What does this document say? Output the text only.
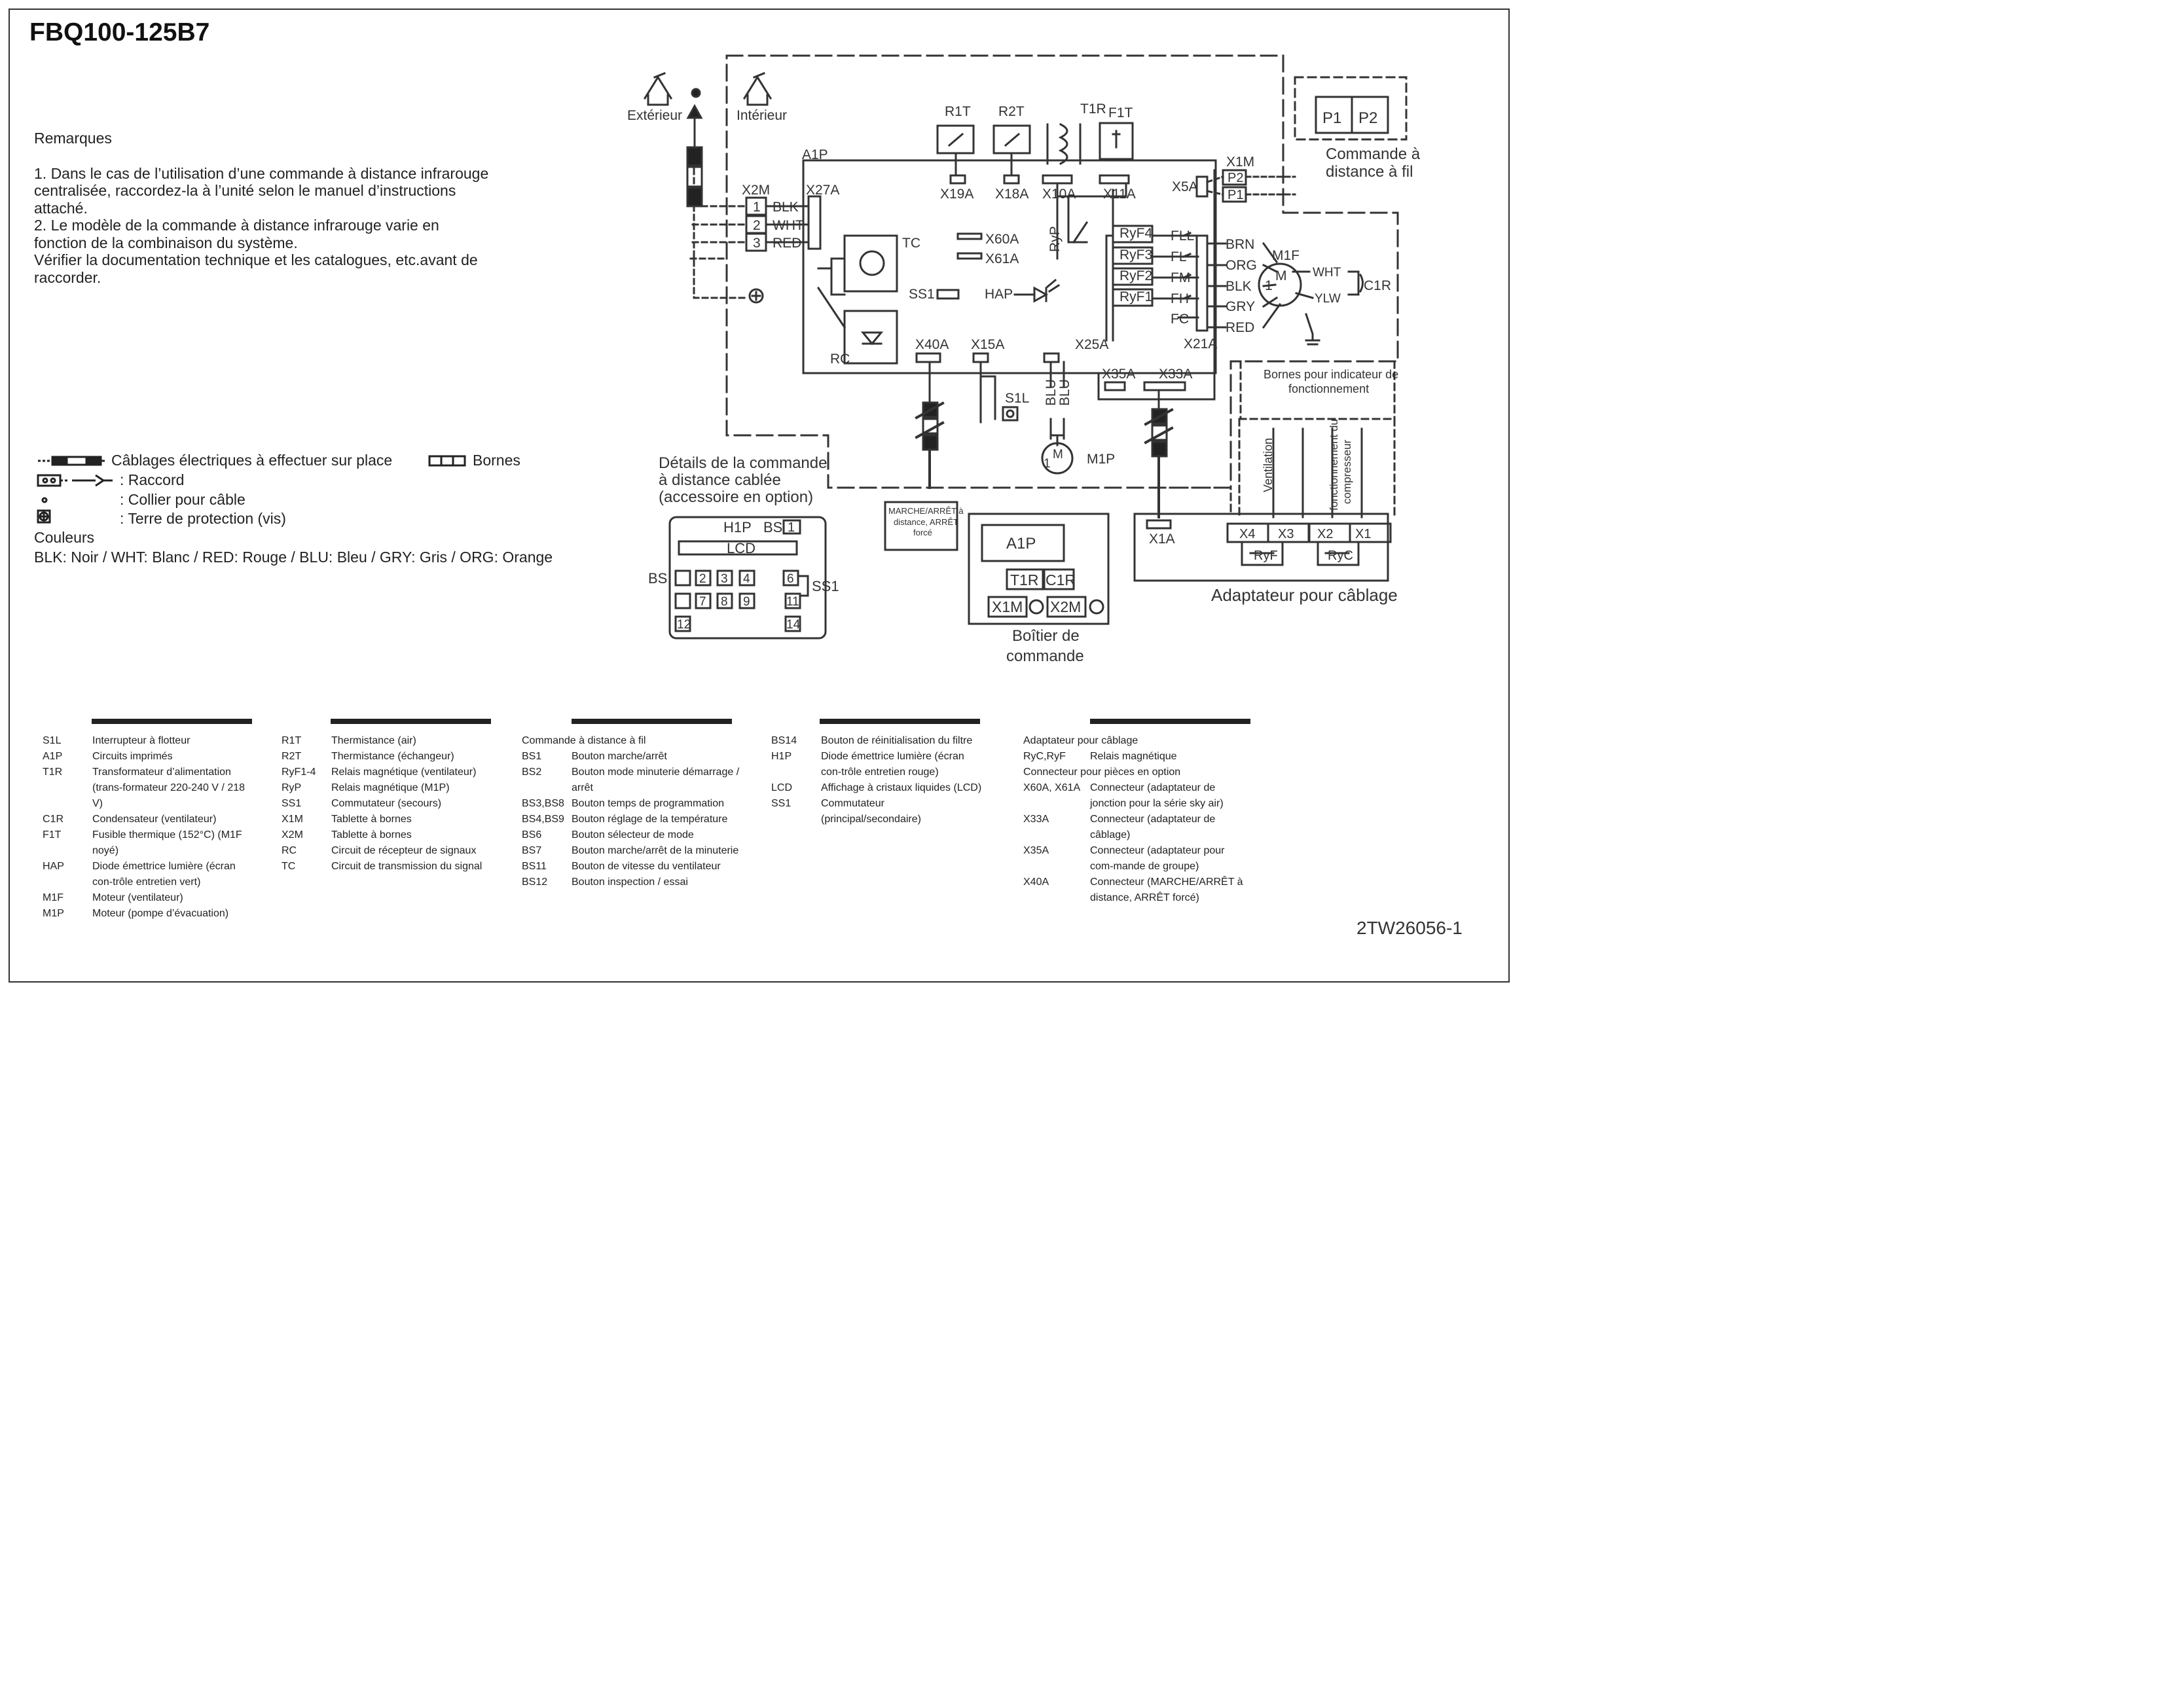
FBQ100-125B7
Remarques
1. Dans le cas de l’utilisation d’une commande à distance infrarouge
centralisée, raccordez-la à l’unité selon le manuel d’instructions
attaché.
2. Le modèle de la commande à distance infrarouge varie en
fonction de la combinaison du système.
Vérifier la documentation technique et les catalogues, etc.avant de
raccorder.
Câblages électriques à effectuer sur place	Bornes
: Raccord
: Collier pour câble
: Terre de protection (vis)
Couleurs
BLK: Noir / WHT: Blanc / RED: Rouge / BLU: Bleu / GRY: Gris / ORG: Orange
Extérieur	Intérieur
A1P
X2M	X27A
1
2
3
BLK
WHT
RED
R1T R2T	T1R F1T
X19A X18A X10A X11A
X1M
X5A
P2
P1
P1 P2
Commande à
distance à fil
TC
RC
X60A
X61A
SS1	HAP
RyP	RyF4
RyF3
RyF2
RyF1
FLL
FL
FM
FH
FC
BRN
ORG
BLK
GRY
RED
M1F
M
1
WHT
YLW
C1R
X21A
X25A
X40A X15A
X35A X33A
S1L BLU
BLU
M1P
M
1
Bornes pour indicateur de
fonctionnement
Ventilation	fonctionnement du compresseur
Détails de la commande
à distance cablée
(accessoire en option)
H1P BS 1
LCD
BS	2 3 4	6
7 8 9	11
12	14
SS1
MARCHE/ARRÊT à
distance, ARRÊT
forcé
A1P
T1R C1R
X1M X2M
Boîtier de
commande
X1A	X4 X3 X2 X1
RyF	RyC
Adaptateur pour câblage
S1L	Interrupteur à flotteur
A1P	Circuits imprimés
T1R	Transformateur d’alimentation (trans-formateur 220-240 V / 218 V)
C1R	Condensateur (ventilateur)
F1T	Fusible thermique (152°C) (M1F noyé)
HAP	Diode émettrice lumière (écran con-trôle entretien vert)
M1F	Moteur (ventilateur)
M1P	Moteur (pompe d’évacuation)
R1T	Thermistance (air)
R2T	Thermistance (échangeur)
RyF1-4	Relais magnétique (ventilateur)
RyP	Relais magnétique (M1P)
SS1	Commutateur (secours)
X1M	Tablette à bornes
X2M	Tablette à bornes
RC	Circuit de récepteur de signaux
TC	Circuit de transmission du signal
Commande à distance à fil
BS1	Bouton marche/arrêt
BS2	Bouton mode minuterie démarrage / arrêt
BS3,BS8 Bouton temps de programmation
BS4,BS9 Bouton réglage de la température
BS6	Bouton sélecteur de mode
BS7	Bouton marche/arrêt de la minuterie
BS11	Bouton de vitesse du ventilateur
BS12	Bouton inspection / essai
BS14	Bouton de réinitialisation du filtre
H1P	Diode émettrice lumière (écran con-trôle entretien rouge)
LCD	Affichage à cristaux liquides (LCD)
SS1	Commutateur (principal/secondaire)
Adaptateur pour câblage
RyC,RyF	Relais magnétique
Connecteur pour pièces en option
X60A, X61A Connecteur (adaptateur de jonction pour la série sky air)
X33A	Connecteur (adaptateur de câblage)
X35A	Connecteur (adaptateur pour com-mande de groupe)
X40A	Connecteur (MARCHE/ARRÊT à distance, ARRÊT forcé)
2TW26056-1
